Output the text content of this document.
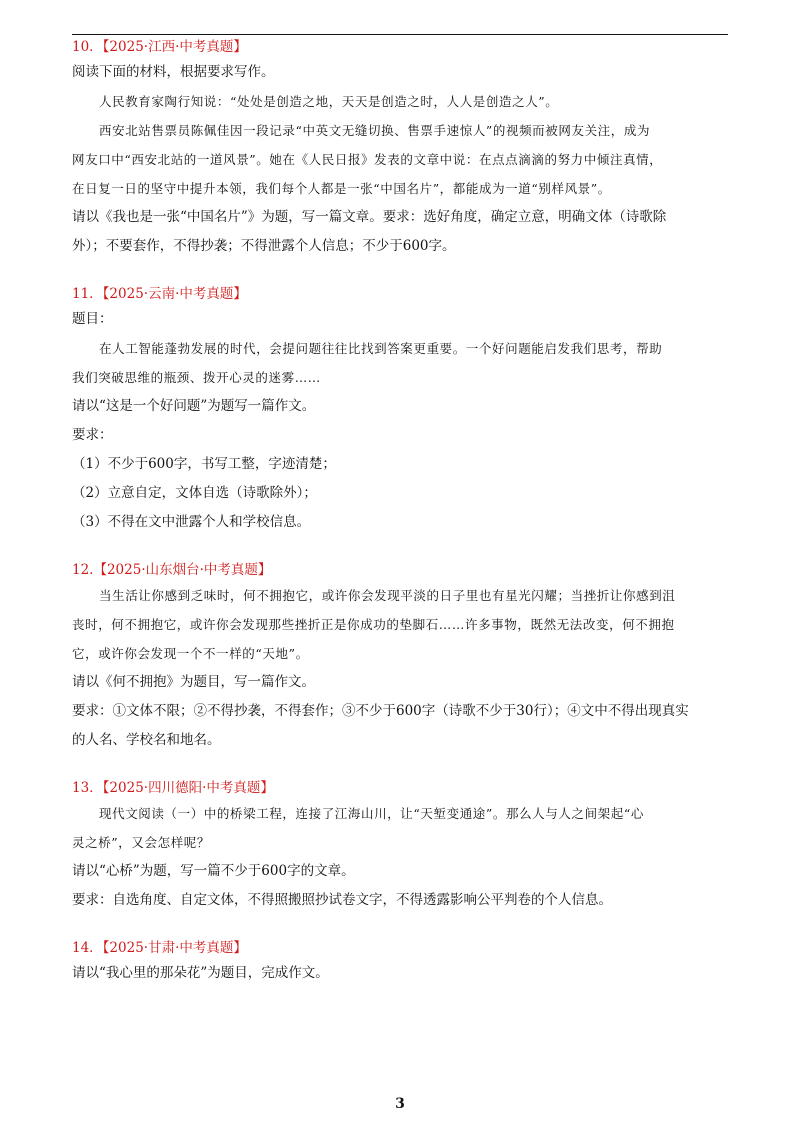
10．【2025·江西·中考真题】
阅读下面的材料，根据要求写作。
人民教育家陶行知说：“处处是创造之地，天天是创造之时，人人是创造之人”。
西安北站售票员陈佩佳因一段记录“中英文无缝切换、售票手速惊人”的视频而被网友关注，成为
网友口中“西安北站的一道风景”。她在《人民日报》发表的文章中说：在点点滴滴的努力中倾注真情，
在日复一日的坚守中提升本领，我们每个人都是一张“中国名片”，都能成为一道“别样风景”。
请以《我也是一张“中国名片”》为题，写一篇文章。要求：选好角度，确定立意，明确文体（诗歌除
外）；不要套作，不得抄袭；不得泄露个人信息；不少于600字。
11．【2025·云南·中考真题】
题目：
在人工智能蓬勃发展的时代，会提问题往往比找到答案更重要。一个好问题能启发我们思考，帮助
我们突破思维的瓶颈、拨开心灵的迷雾……
请以“这是一个好问题”为题写一篇作文。
要求：
（1）不少于600字，书写工整，字迹清楚；
（2）立意自定，文体自选（诗歌除外）；
（3）不得在文中泄露个人和学校信息。
12.【2025·山东烟台·中考真题】
当生活让你感到乏味时，何不拥抱它，或许你会发现平淡的日子里也有星光闪耀；当挫折让你感到沮
丧时，何不拥抱它，或许你会发现那些挫折正是你成功的垫脚石……许多事物，既然无法改变，何不拥抱
它，或许你会发现一个不一样的“天地”。
请以《何不拥抱》为题目，写一篇作文。
要求：①文体不限；②不得抄袭，不得套作；③不少于600字（诗歌不少于30行）；④文中不得出现真实
的人名、学校名和地名。
13．【2025·四川德阳·中考真题】
现代文阅读（一）中的桥梁工程，连接了江海山川，让“天堑变通途”。那么人与人之间架起“心
灵之桥”，又会怎样呢？
请以“心桥”为题，写一篇不少于600字的文章。
要求：自选角度、自定文体，不得照搬照抄试卷文字，不得透露影响公平判卷的个人信息。
14．【2025·甘肃·中考真题】
请以“我心里的那朵花”为题目，完成作文。
3
